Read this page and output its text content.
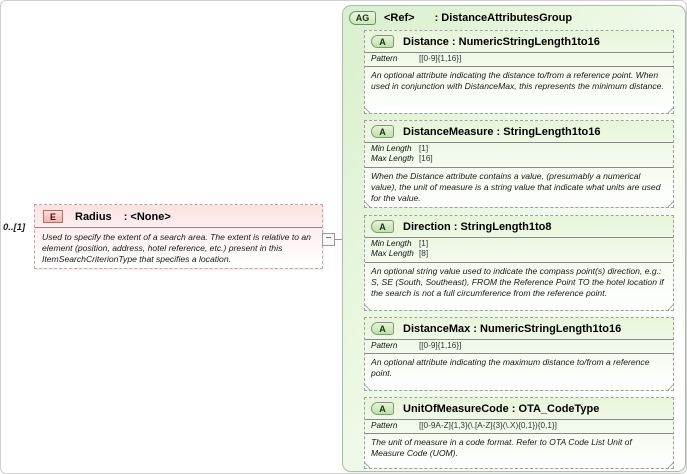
0..[1]
E	Radius : <None>
Used to specify the extent of a search area. The extent is relative to an element (position, address, hotel reference, etc.) present in this ItemSearchCriterionType that specifies a location.
−
AG	<Ref> : DistanceAttributesGroup
A	Distance : NumericStringLength1to16
Pattern	[[0-9]{1,16}]
An optional attribute indicating the distance to/from a reference point. When used in conjunction with DistanceMax, this represents the minimum distance.
A	DistanceMeasure : StringLength1to16
Min Length [1]
Max Length [16]
When the Distance attribute contains a value, (presumably a numerical value), the unit of measure is a string value that indicate what units are used for the value.
A	Direction : StringLength1to8
Min Length [1]
Max Length [8]
An optional string value used to indicate the compass point(s) direction, e.g.: S, SE (South, Southeast), FROM the Reference Point TO the hotel location if the search is not a full circumference from the reference point.
A	DistanceMax : NumericStringLength1to16
Pattern	[[0-9]{1,16}]
An optional attribute indicating the maximum distance to/from a reference point.
A	UnitOfMeasureCode : OTA_CodeType
Pattern	[[0-9A-Z]{1,3}(\.[A-Z]{3}(\.X){0,1}){0,1}]
The unit of measure in a code format. Refer to OTA Code List Unit of Measure Code (UOM).
